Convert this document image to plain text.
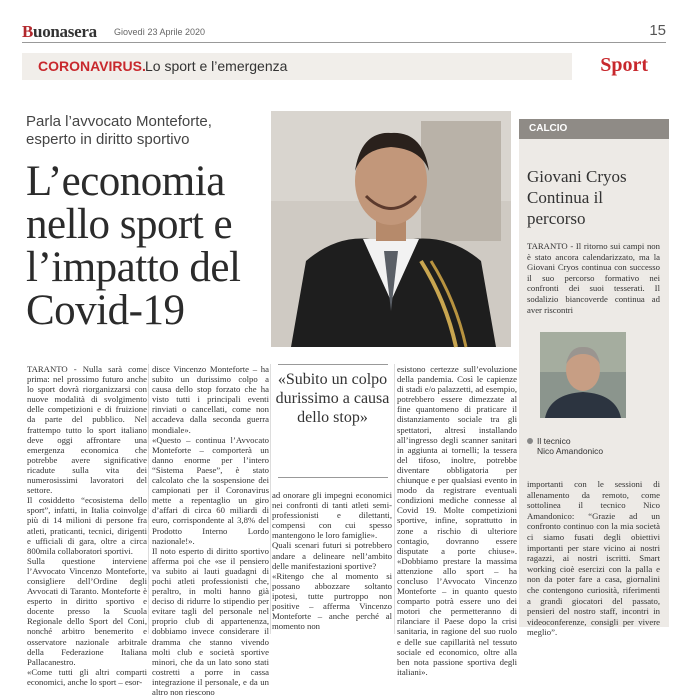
Buonasera Giovedì 23 Aprile 2020	15
CORONAVIRUS. Lo sport e l’emergenza	Sport
Parla l’avvocato Monteforte, esperto in diritto sportivo
L’economia nello sport e l’impatto del Covid-19
TARANTO - Nulla sarà come prima: nel prossimo futuro anche lo sport dovrà riorganizzarsi con nuove modalità di svolgimento delle competizioni e di fruizione da parte del pubblico. Nel frattempo tutto lo sport italiano deve oggi affrontare una emergenza economica che potrebbe avere significative ricadute sulla vita dei numerosissimi lavoratori del settore.
Il cosiddetto “ecosistema dello sport”, infatti, in Italia coinvolge più di 14 milioni di persone fra atleti, praticanti, tecnici, dirigenti e ufficiali di gara, oltre a circa 800mila collaboratori sportivi.
Sulla questione interviene l’Avvocato Vincenzo Monteforte, consigliere dell’Ordine degli Avvocati di Taranto. Monteforte è esperto in diritto sportivo e docente presso la Scuola Regionale dello Sport del Coni, nonché arbitro benemerito e osservatore nazionale arbitrale della Federazione Italiana Pallacanestro.
«Come tutti gli altri comparti economici, anche lo sport – esor-
disce Vincenzo Monteforte – ha subito un durissimo colpo a causa dello stop forzato che ha visto tutti i principali eventi rinviati o cancellati, come non accadeva dalla seconda guerra mondiale».
«Questo – continua l’Avvocato Monteforte – comporterà un danno enorme per l’intero “Sistema Paese”, è stato calcolato che la sospensione dei campionati per il Coronavirus mette a repentaglio un giro d’affari di circa 60 miliardi di euro, corrispondente al 3,8% del Prodotto Interno Lordo nazionale!».
Il noto esperto di diritto sportivo afferma poi che «se il pensiero va subito ai lauti guadagni di pochi atleti professionisti che, peraltro, in molti hanno già deciso di ridurre lo stipendio per evitare tagli del personale nel proprio club di appartenenza, dobbiamo invece considerare il dramma che stanno vivendo molti club e società sportive minori, che da un lato sono stati costretti a porre in cassa integrazione il personale, e da un altro non riescono
«Subito un colpo durissimo a causa dello stop»
ad onorare gli impegni economici nei confronti di tanti atleti semi-professionisti e dilettanti, compensi con cui spesso mantengono le loro famiglie».
Quali scenari futuri si potrebbero andare a delineare nell’ambito delle manifestazioni sportive?
«Ritengo che al momento si possano abbozzare soltanto ipotesi, tutte purtroppo non positive – afferma Vincenzo Monteforte – anche perché al momento non
esistono certezze sull’evoluzione della pandemia. Così le capienze di stadi e/o palazzetti, ad esempio, potrebbero essere dimezzate al fine quantomeno di praticare il distanziamento sociale tra gli spettatori, altresì installando all’ingresso degli scanner sanitari in aggiunta ai tornelli; la tessera del tifoso, inoltre, potrebbe diventare obbligatoria per chiunque e per qualsiasi evento in modo da registrare eventuali condizioni mediche connesse al Covid 19. Molte competizioni sportive, infine, soprattutto in zone a rischio di ulteriore contagio, dovranno essere disputate a porte chiuse». «Dobbiamo prestare la massima attenzione allo sport – ha concluso l’Avvocato Vincenzo Monteforte – in quanto questo comparto potrà essere uno dei motori che permetteranno di rilanciare il Paese dopo la crisi sanitaria, in ragione del suo ruolo e delle sue capillarità nel tessuto sociale ed economico, oltre alla ben nota passione sportiva degli italiani».
CALCIO
Giovani Cryos Continua il percorso
TARANTO - Il ritorno sui campi non è stato ancora calendarizzato, ma la Giovani Cryos continua con successo il suo percorso formativo nei confronti dei suoi tesserati. Il sodalizio biancoverde continua ad aver riscontri
Il tecnico
Nico Amandonico
importanti con le sessioni di allenamento da remoto, come sottolinea il tecnico Nico Amandonico: “Grazie ad un confronto continuo con la mia società ci siamo fusati degli obiettivi importanti per stare vicino ai nostri ragazzi, ai nostri iscritti. Smart working cioè esercizi con la palla e non da poter fare a casa, giornalini che contengono curiosità, riferimenti a grandi giocatori del passato, pensieri del nostro staff, incontri in videoconferenze, consigli per vivere meglio”.
